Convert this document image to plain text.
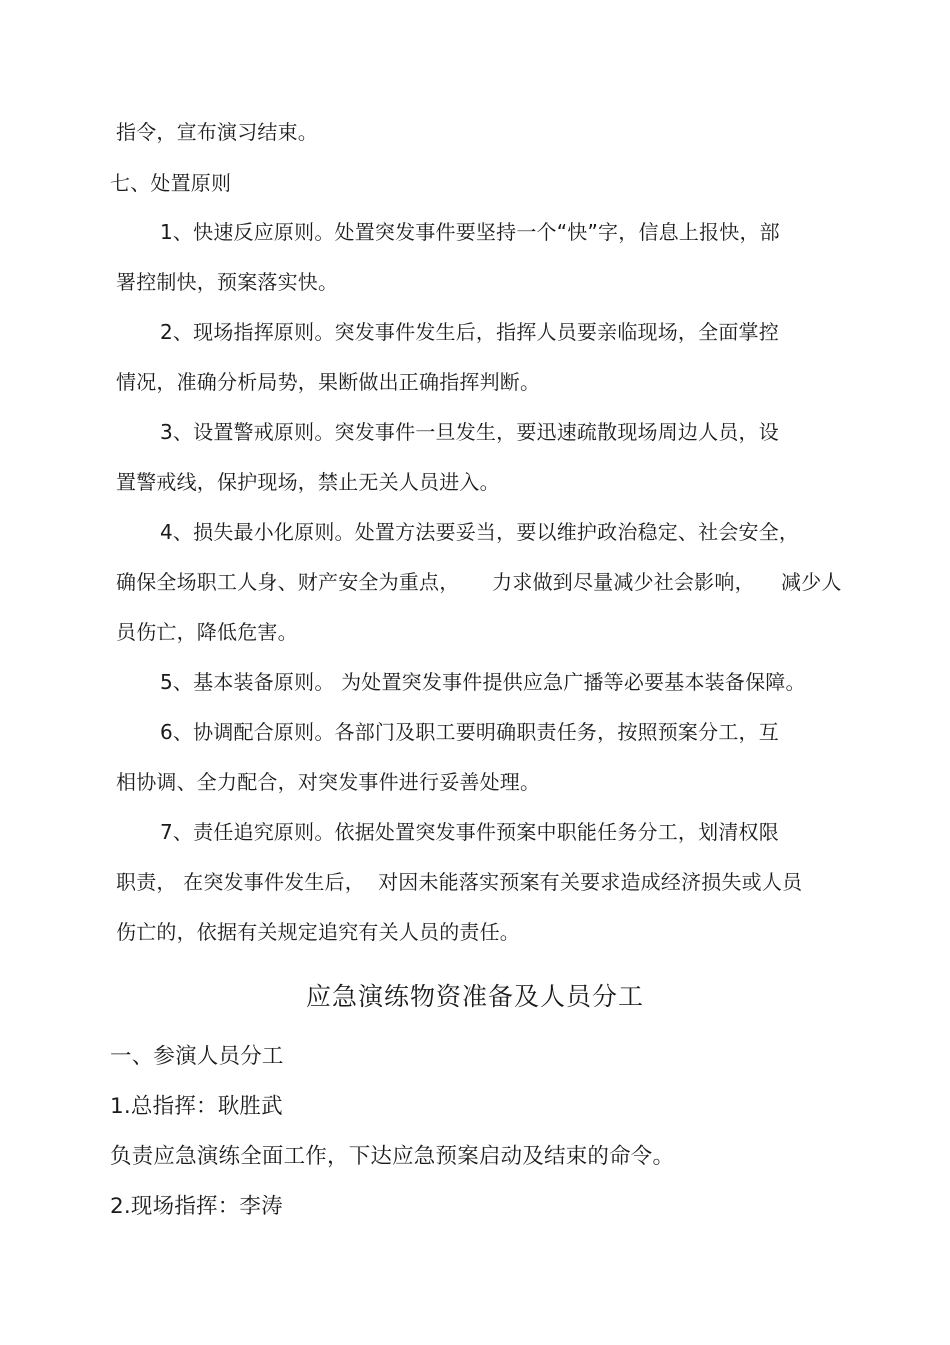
指令，宣布演习结束。
七、处置原则
1、快速反应原则。处置突发事件要坚持一个“快”字，信息上报快，部
署控制快，预案落实快。
2、现场指挥原则。突发事件发生后，指挥人员要亲临现场，全面掌控
情况，准确分析局势，果断做出正确指挥判断。
3、设置警戒原则。突发事件一旦发生，要迅速疏散现场周边人员，设
置警戒线，保护现场，禁止无关人员进入。
4、损失最小化原则。处置方法要妥当，要以维护政治稳定、社会安全，
确保全场职工人身、财产安全为重点，     力求做到尽量减少社会影响，    减少人
员伤亡，降低危害。
5、基本装备原则。 为处置突发事件提供应急广播等必要基本装备保障。
6、协调配合原则。各部门及职工要明确职责任务，按照预案分工，互
相协调、全力配合，对突发事件进行妥善处理。
7、责任追究原则。依据处置突发事件预案中职能任务分工，划清权限
职责， 在突发事件发生后，  对因未能落实预案有关要求造成经济损失或人员
伤亡的，依据有关规定追究有关人员的责任。
应急演练物资准备及人员分工
一、参演人员分工
1.总指挥：耿胜武
负责应急演练全面工作，下达应急预案启动及结束的命令。
2.现场指挥：李涛
